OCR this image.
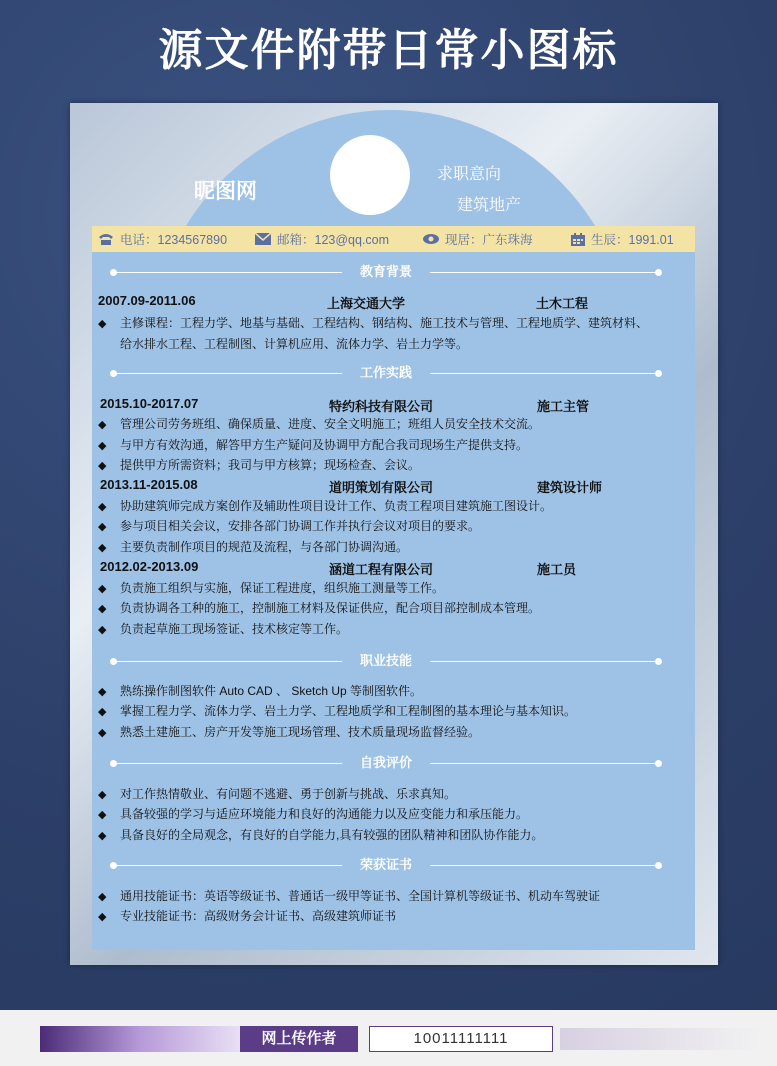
源文件附带日常小图标
昵图网
求职意向
建筑地产
电话：1234567890	邮箱：123@qq.com	现居：广东珠海	生辰：1991.01
教育背景
2007.09-2011.06	上海交通大学	土木工程
◆ 主修课程：工程力学、地基与基础、工程结构、钢结构、施工技术与管理、工程地质学、建筑材料、
给水排水工程、工程制图、计算机应用、流体力学、岩土力学等。
工作实践
2015.10-2017.07	特约科技有限公司	施工主管
◆ 管理公司劳务班组、确保质量、进度、安全文明施工；班组人员安全技术交流。
◆ 与甲方有效沟通，解答甲方生产疑问及协调甲方配合我司现场生产提供支持。
◆ 提供甲方所需资料；我司与甲方核算；现场检查、会议。
2013.11-2015.08	道明策划有限公司	建筑设计师
◆ 协助建筑师完成方案创作及辅助性项目设计工作、负责工程项目建筑施工图设计。
◆ 参与项目相关会议，安排各部门协调工作并执行会议对项目的要求。
◆ 主要负责制作项目的规范及流程，与各部门协调沟通。
2012.02-2013.09	涵道工程有限公司	施工员
◆ 负责施工组织与实施，保证工程进度，组织施工测量等工作。
◆ 负责协调各工种的施工，控制施工材料及保证供应，配合项目部控制成本管理。
◆ 负责起草施工现场签证、技术核定等工作。
职业技能
◆ 熟练操作制图软件 Auto CAD 、 Sketch Up 等制图软件。
◆ 掌握工程力学、流体力学、岩土力学、工程地质学和工程制图的基本理论与基本知识。
◆ 熟悉土建施工、房产开发等施工现场管理、技术质量现场监督经验。
自我评价
◆ 对工作热情敬业、有问题不逃避、勇于创新与挑战、乐求真知。
◆ 具备较强的学习与适应环境能力和良好的沟通能力以及应变能力和承压能力。
◆ 具备良好的全局观念，有良好的自学能力,具有较强的团队精神和团队协作能力。
荣获证书
◆ 通用技能证书：英语等级证书、普通话一级甲等证书、全国计算机等级证书、机动车驾驶证
◆ 专业技能证书：高级财务会计证书、高级建筑师证书
网上传作者	10011111111
